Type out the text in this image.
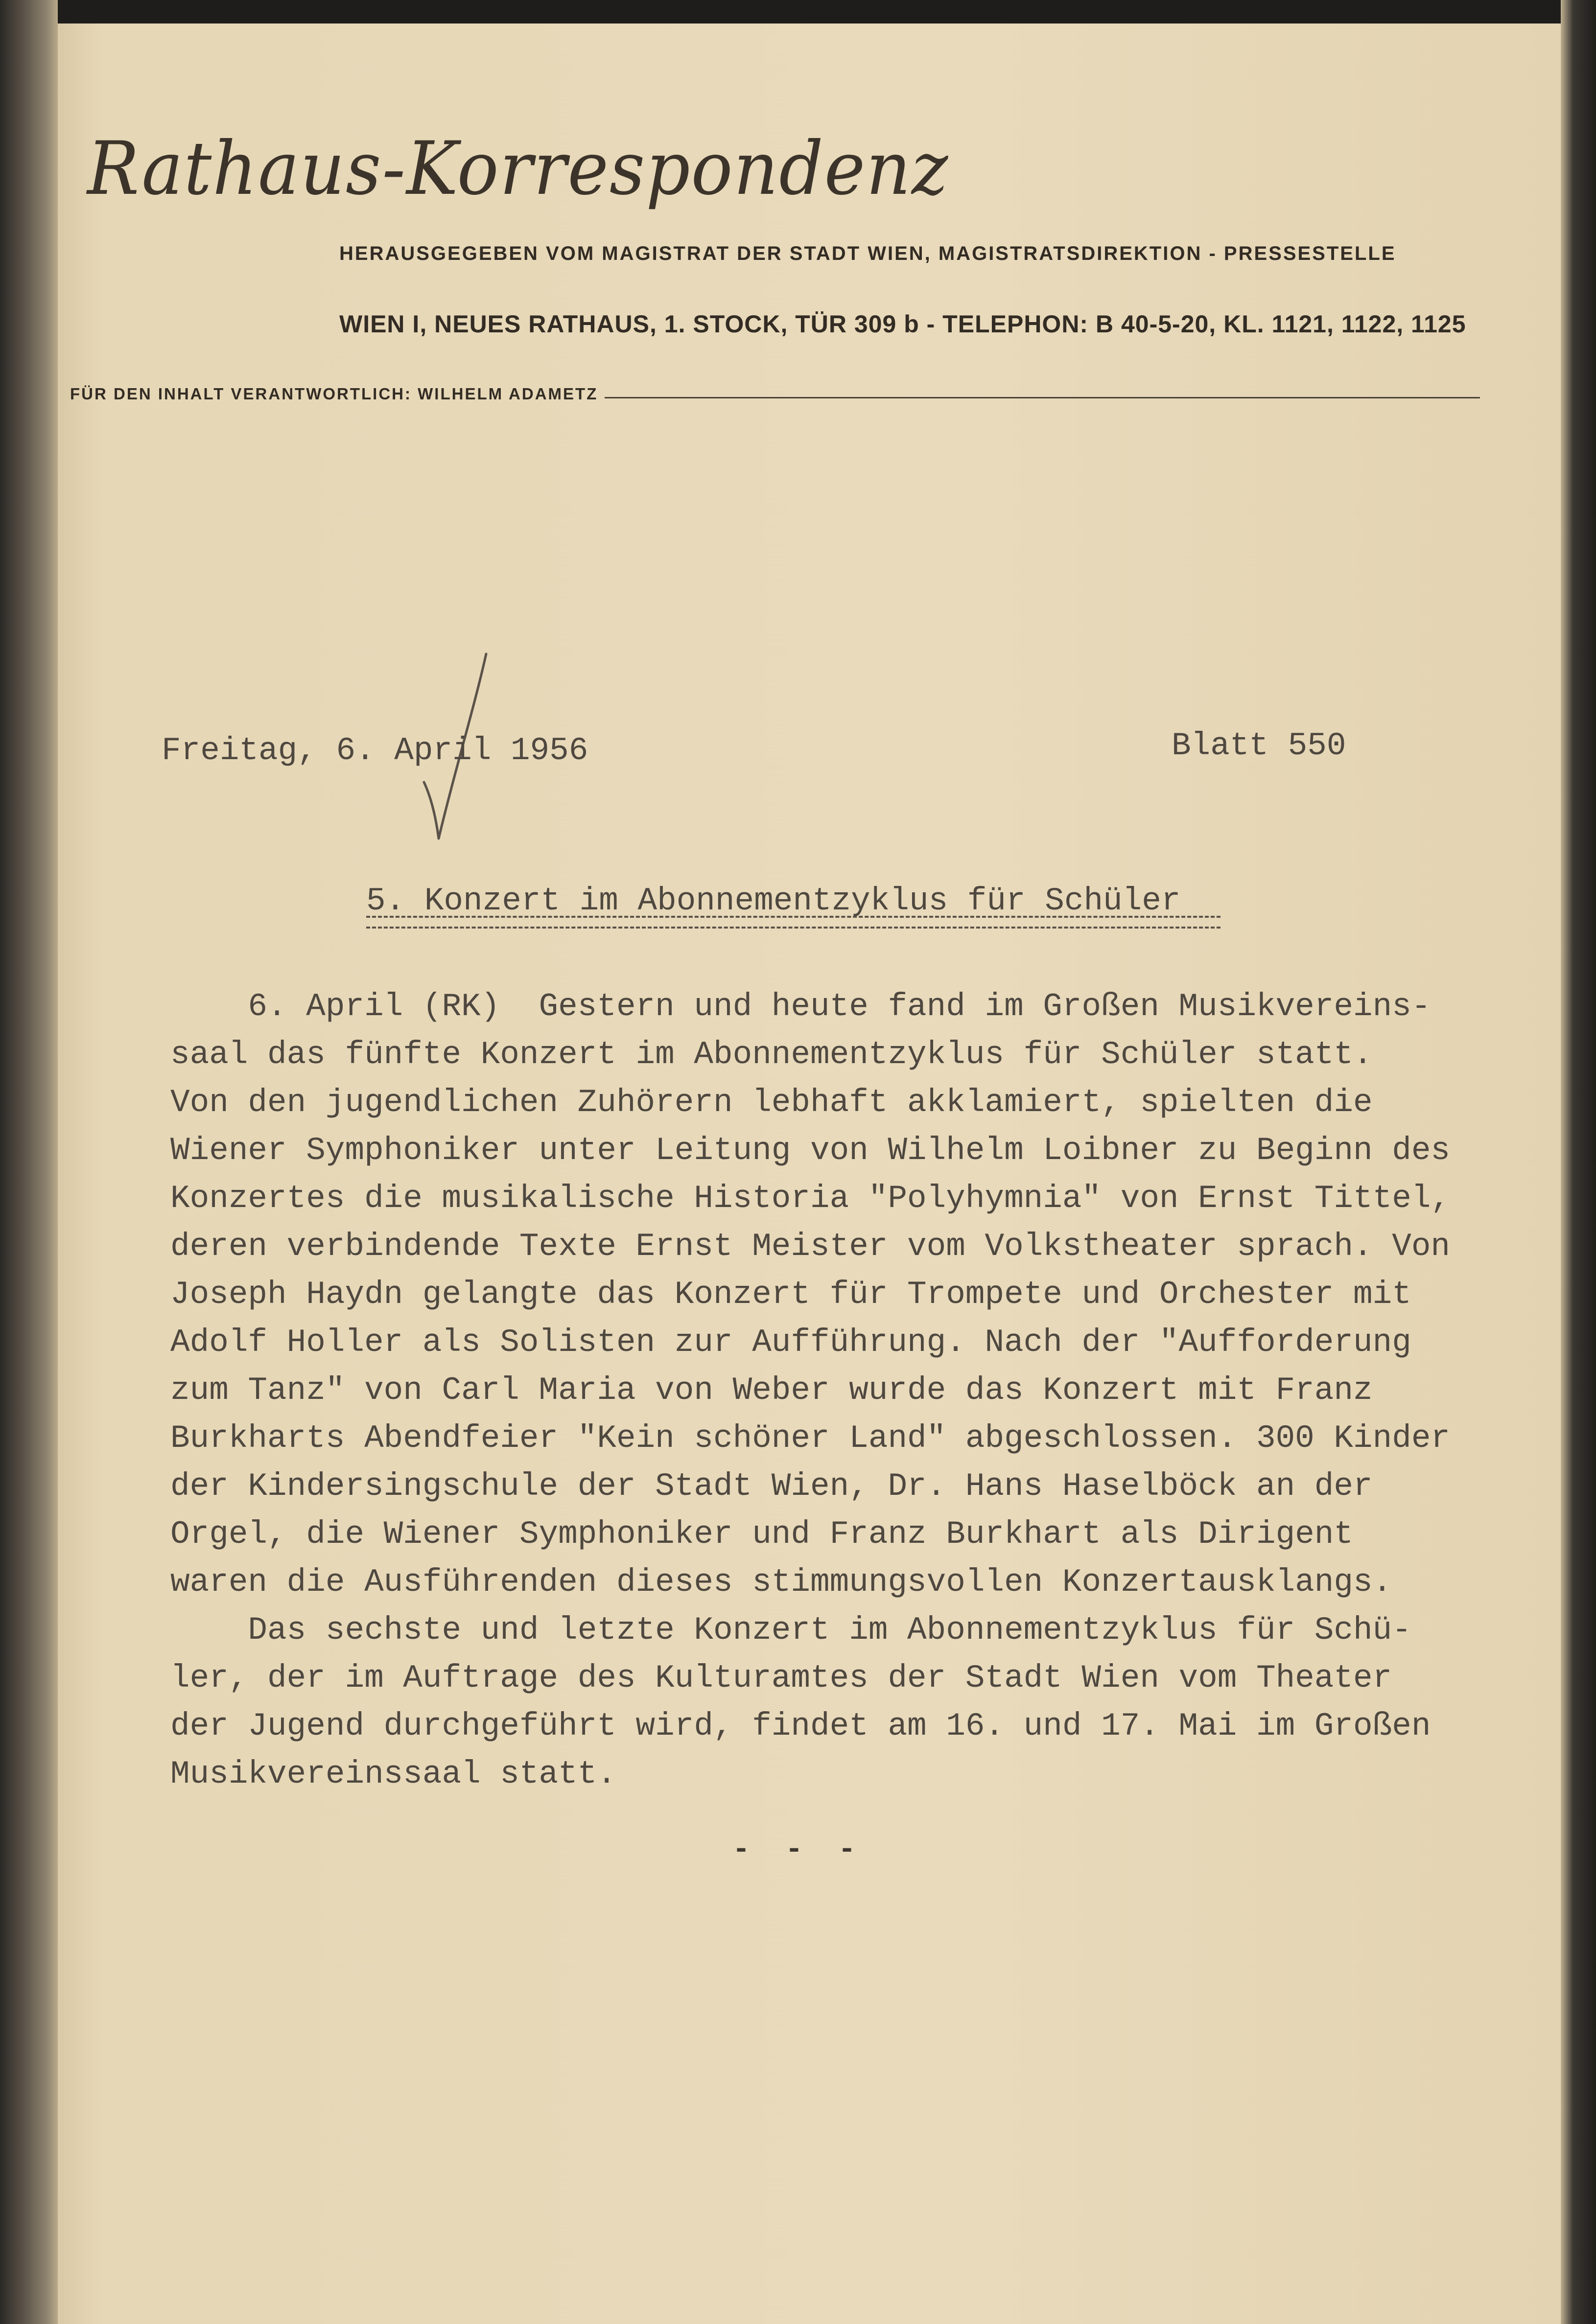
Rathaus-Korrespondenz

HERAUSGEGEBEN VOM MAGISTRAT DER STADT WIEN, MAGISTRATSDIREKTION - PRESSESTELLE

WIEN I, NEUES RATHAUS, 1. STOCK, TÜR 309 b - TELEPHON: B 40-5-20, KL. 1121, 1122, 1125

FÜR DEN INHALT VERANTWORTLICH: WILHELM ADAMETZ

Freitag, 6. April 1956	Blatt 550

5. Konzert im Abonnementzyklus für Schüler

6. April (RK)  Gestern und heute fand im Großen Musikvereins-
saal das fünfte Konzert im Abonnementzyklus für Schüler statt.
Von den jugendlichen Zuhörern lebhaft akklamiert, spielten die
Wiener Symphoniker unter Leitung von Wilhelm Loibner zu Beginn des
Konzertes die musikalische Historia "Polyhymnia" von Ernst Tittel,
deren verbindende Texte Ernst Meister vom Volkstheater sprach. Von
Joseph Haydn gelangte das Konzert für Trompete und Orchester mit
Adolf Holler als Solisten zur Aufführung. Nach der "Aufforderung
zum Tanz" von Carl Maria von Weber wurde das Konzert mit Franz
Burkharts Abendfeier "Kein schöner Land" abgeschlossen. 300 Kinder
der Kindersingschule der Stadt Wien, Dr. Hans Haselböck an der
Orgel, die Wiener Symphoniker und Franz Burkhart als Dirigent
waren die Ausführenden dieses stimmungsvollen Konzertausklangs.
Das sechste und letzte Konzert im Abonnementzyklus für Schü-
ler, der im Auftrage des Kulturamtes der Stadt Wien vom Theater
der Jugend durchgeführt wird, findet am 16. und 17. Mai im Großen
Musikvereinssaal statt.

- - -
